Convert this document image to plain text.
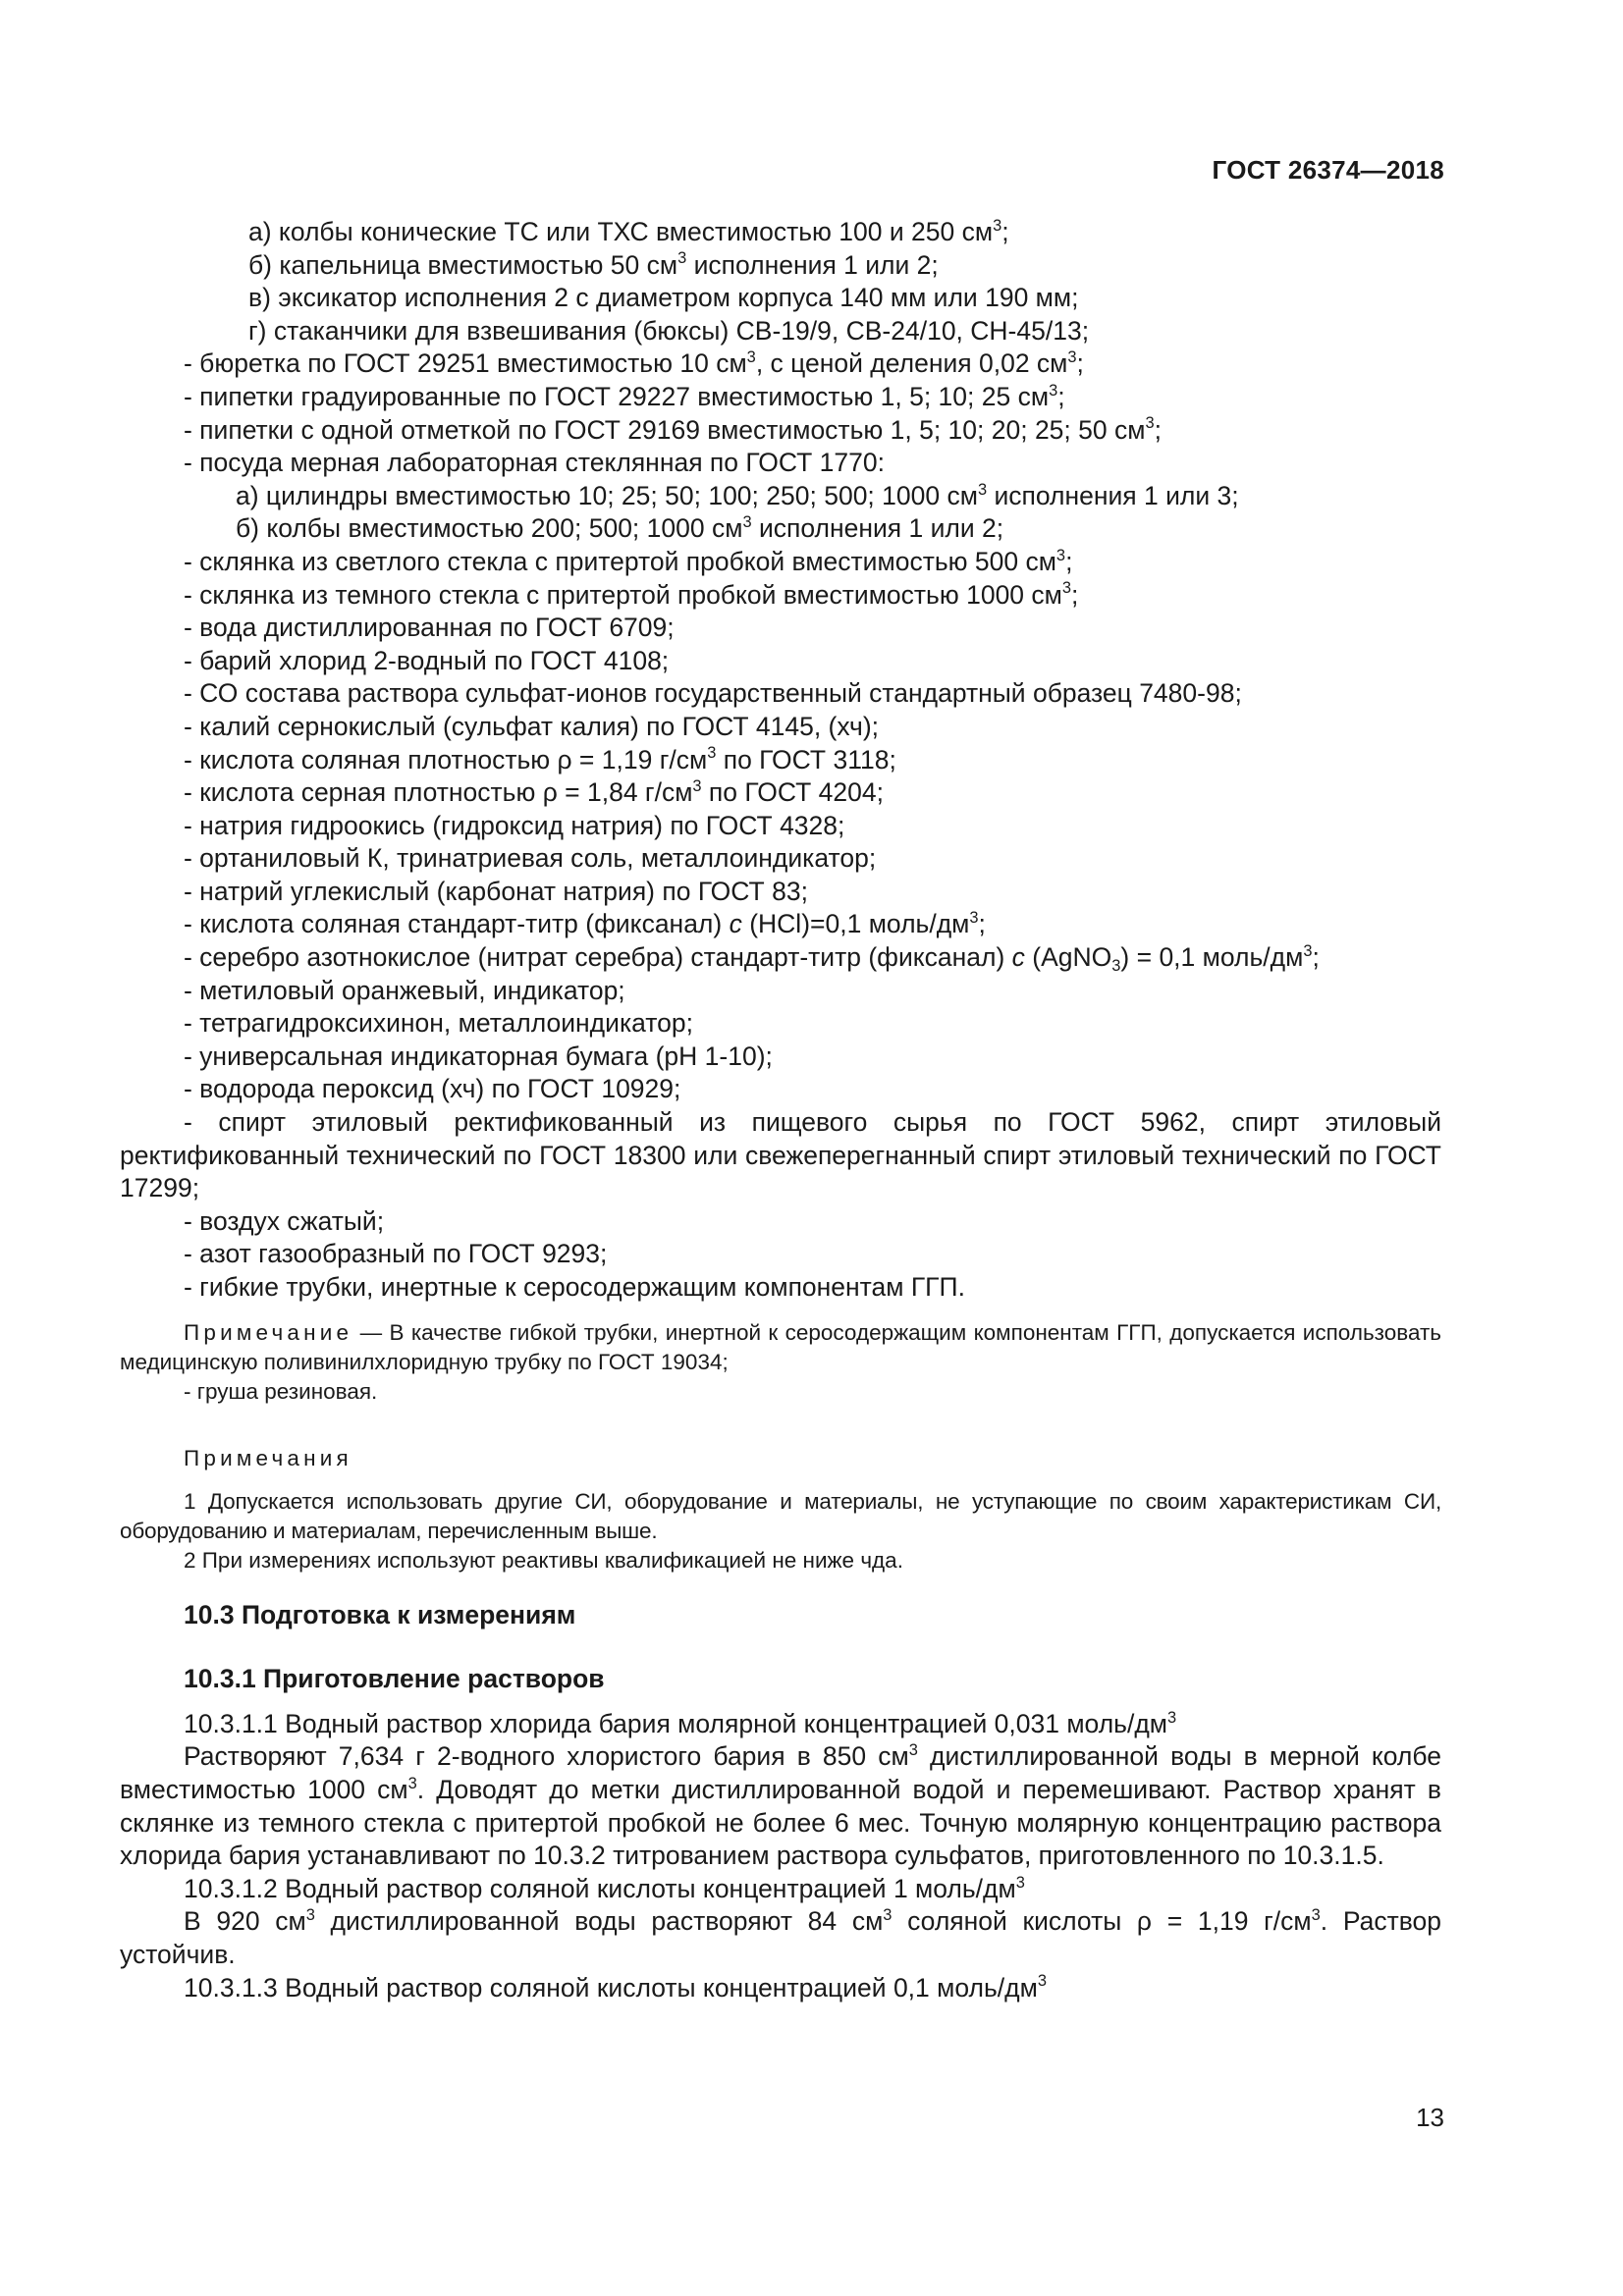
ГОСТ 26374—2018
а) колбы конические ТС или ТХС вместимостью 100 и 250 $см^3$;
б) капельница вместимостью 50 $см^3$ исполнения 1 или 2;
в) эксикатор исполнения 2 с диаметром корпуса 140 мм или 190 мм;
г) стаканчики для взвешивания (бюксы) СВ-19/9, СВ-24/10, СН-45/13;
- бюретка по ГОСТ 29251 вместимостью 10 $см^3$, с ценой деления 0,02 $см^3$;
- пипетки градуированные по ГОСТ 29227 вместимостью 1, 5; 10; 25 $см^3$;
- пипетки с одной отметкой по ГОСТ 29169 вместимостью 1, 5; 10; 20; 25; 50 $см^3$;
- посуда мерная лабораторная стеклянная по ГОСТ 1770:
а) цилиндры вместимостью 10; 25; 50; 100; 250; 500; 1000 $см^3$ исполнения 1 или 3;
б) колбы вместимостью 200; 500; 1000 $см^3$ исполнения 1 или 2;
- склянка из светлого стекла с притертой пробкой вместимостью 500 $см^3$;
- склянка из темного стекла с притертой пробкой вместимостью 1000 $см^3$;
- вода дистиллированная по ГОСТ 6709;
- барий хлорид 2-водный по ГОСТ 4108;
- СО состава раствора сульфат-ионов государственный стандартный образец 7480-98;
- калий сернокислый (сульфат калия) по ГОСТ 4145, (хч);
- кислота соляная плотностью ρ = 1,19 $г/см^3$ по ГОСТ 3118;
- кислота серная плотностью ρ = 1,84 $г/см^3$ по ГОСТ 4204;
- натрия гидроокись (гидроксид натрия) по ГОСТ 4328;
- ортаниловый К, тринатриевая соль, металлоиндикатор;
- натрий углекислый (карбонат натрия) по ГОСТ 83;
- кислота соляная стандарт-титр (фиксанал) с (HCl)=0,1 моль/$дм^3$;
- серебро азотнокислое (нитрат серебра) стандарт-титр (фиксанал) с (AgNO$_3$) = 0,1 моль/$дм^3$;
- метиловый оранжевый, индикатор;
- тетрагидроксихинон, металлоиндикатор;
- универсальная индикаторная бумага (рН 1-10);
- водорода пероксид (хч) по ГОСТ 10929;
- спирт этиловый ректификованный из пищевого сырья по ГОСТ 5962, спирт этиловый ректификованный технический по ГОСТ 18300 или свежеперегнанный спирт этиловый технический по ГОСТ 17299;
- воздух сжатый;
- азот газообразный по ГОСТ 9293;
- гибкие трубки, инертные к серосодержащим компонентам ГГП.
Примечание — В качестве гибкой трубки, инертной к серосодержащим компонентам ГГП, допускается использовать медицинскую поливинилхлоридную трубку по ГОСТ 19034;
- груша резиновая.
Примечания
1 Допускается использовать другие СИ, оборудование и материалы, не уступающие по своим характеристикам СИ, оборудованию и материалам, перечисленным выше.
2 При измерениях используют реактивы квалификацией не ниже чда.
10.3 Подготовка к измерениям
10.3.1 Приготовление растворов
10.3.1.1 Водный раствор хлорида бария молярной концентрацией 0,031 моль/$дм^3$
Растворяют 7,634 г 2-водного хлористого бария в 850 $см^3$ дистиллированной воды в мерной колбе вместимостью 1000 $см^3$. Доводят до метки дистиллированной водой и перемешивают. Раствор хранят в склянке из темного стекла с притертой пробкой не более 6 мес. Точную молярную концентрацию раствора хлорида бария устанавливают по 10.3.2 титрованием раствора сульфатов, приготовленного по 10.3.1.5.
10.3.1.2 Водный раствор соляной кислоты концентрацией 1 моль/$дм^3$
В 920 $см^3$ дистиллированной воды растворяют 84 $см^3$ соляной кислоты ρ = 1,19 $г/см^3$. Раствор устойчив.
10.3.1.3 Водный раствор соляной кислоты концентрацией 0,1 моль/$дм^3$
13
